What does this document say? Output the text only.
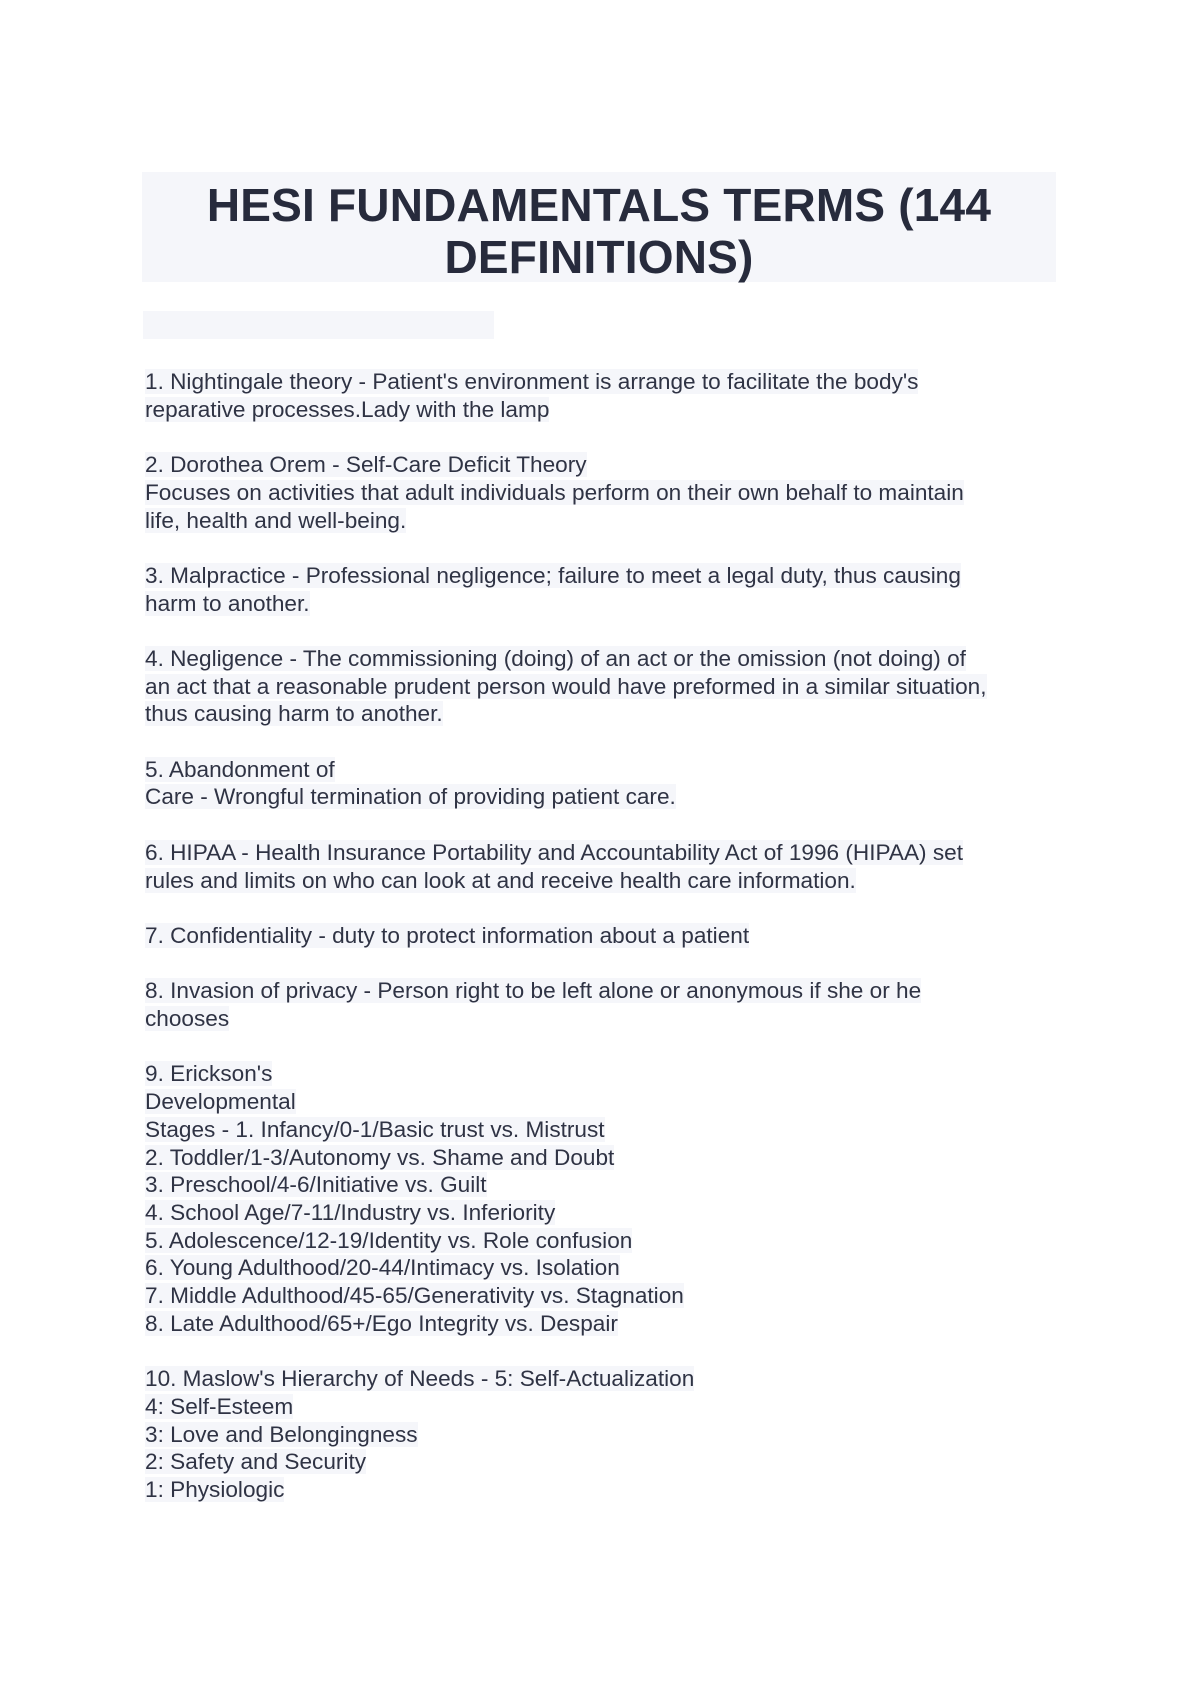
HESI FUNDAMENTALS TERMS (144 DEFINITIONS)
1. Nightingale theory - Patient's environment is arrange to facilitate the body's
reparative processes.Lady with the lamp
2. Dorothea Orem - Self-Care Deficit Theory
Focuses on activities that adult individuals perform on their own behalf to maintain
life, health and well-being.
3. Malpractice - Professional negligence; failure to meet a legal duty, thus causing
harm to another.
4. Negligence - The commissioning (doing) of an act or the omission (not doing) of
an act that a reasonable prudent person would have preformed in a similar situation,
thus causing harm to another.
5. Abandonment of
Care - Wrongful termination of providing patient care.
6. HIPAA - Health Insurance Portability and Accountability Act of 1996 (HIPAA) set
rules and limits on who can look at and receive health care information.
7. Confidentiality - duty to protect information about a patient
8. Invasion of privacy - Person right to be left alone or anonymous if she or he
chooses
9. Erickson's
Developmental
Stages - 1. Infancy/0-1/Basic trust vs. Mistrust
2. Toddler/1-3/Autonomy vs. Shame and Doubt
3. Preschool/4-6/Initiative vs. Guilt
4. School Age/7-11/Industry vs. Inferiority
5. Adolescence/12-19/Identity vs. Role confusion
6. Young Adulthood/20-44/Intimacy vs. Isolation
7. Middle Adulthood/45-65/Generativity vs. Stagnation
8. Late Adulthood/65+/Ego Integrity vs. Despair
10. Maslow's Hierarchy of Needs - 5: Self-Actualization
4: Self-Esteem
3: Love and Belongingness
2: Safety and Security
1: Physiologic
